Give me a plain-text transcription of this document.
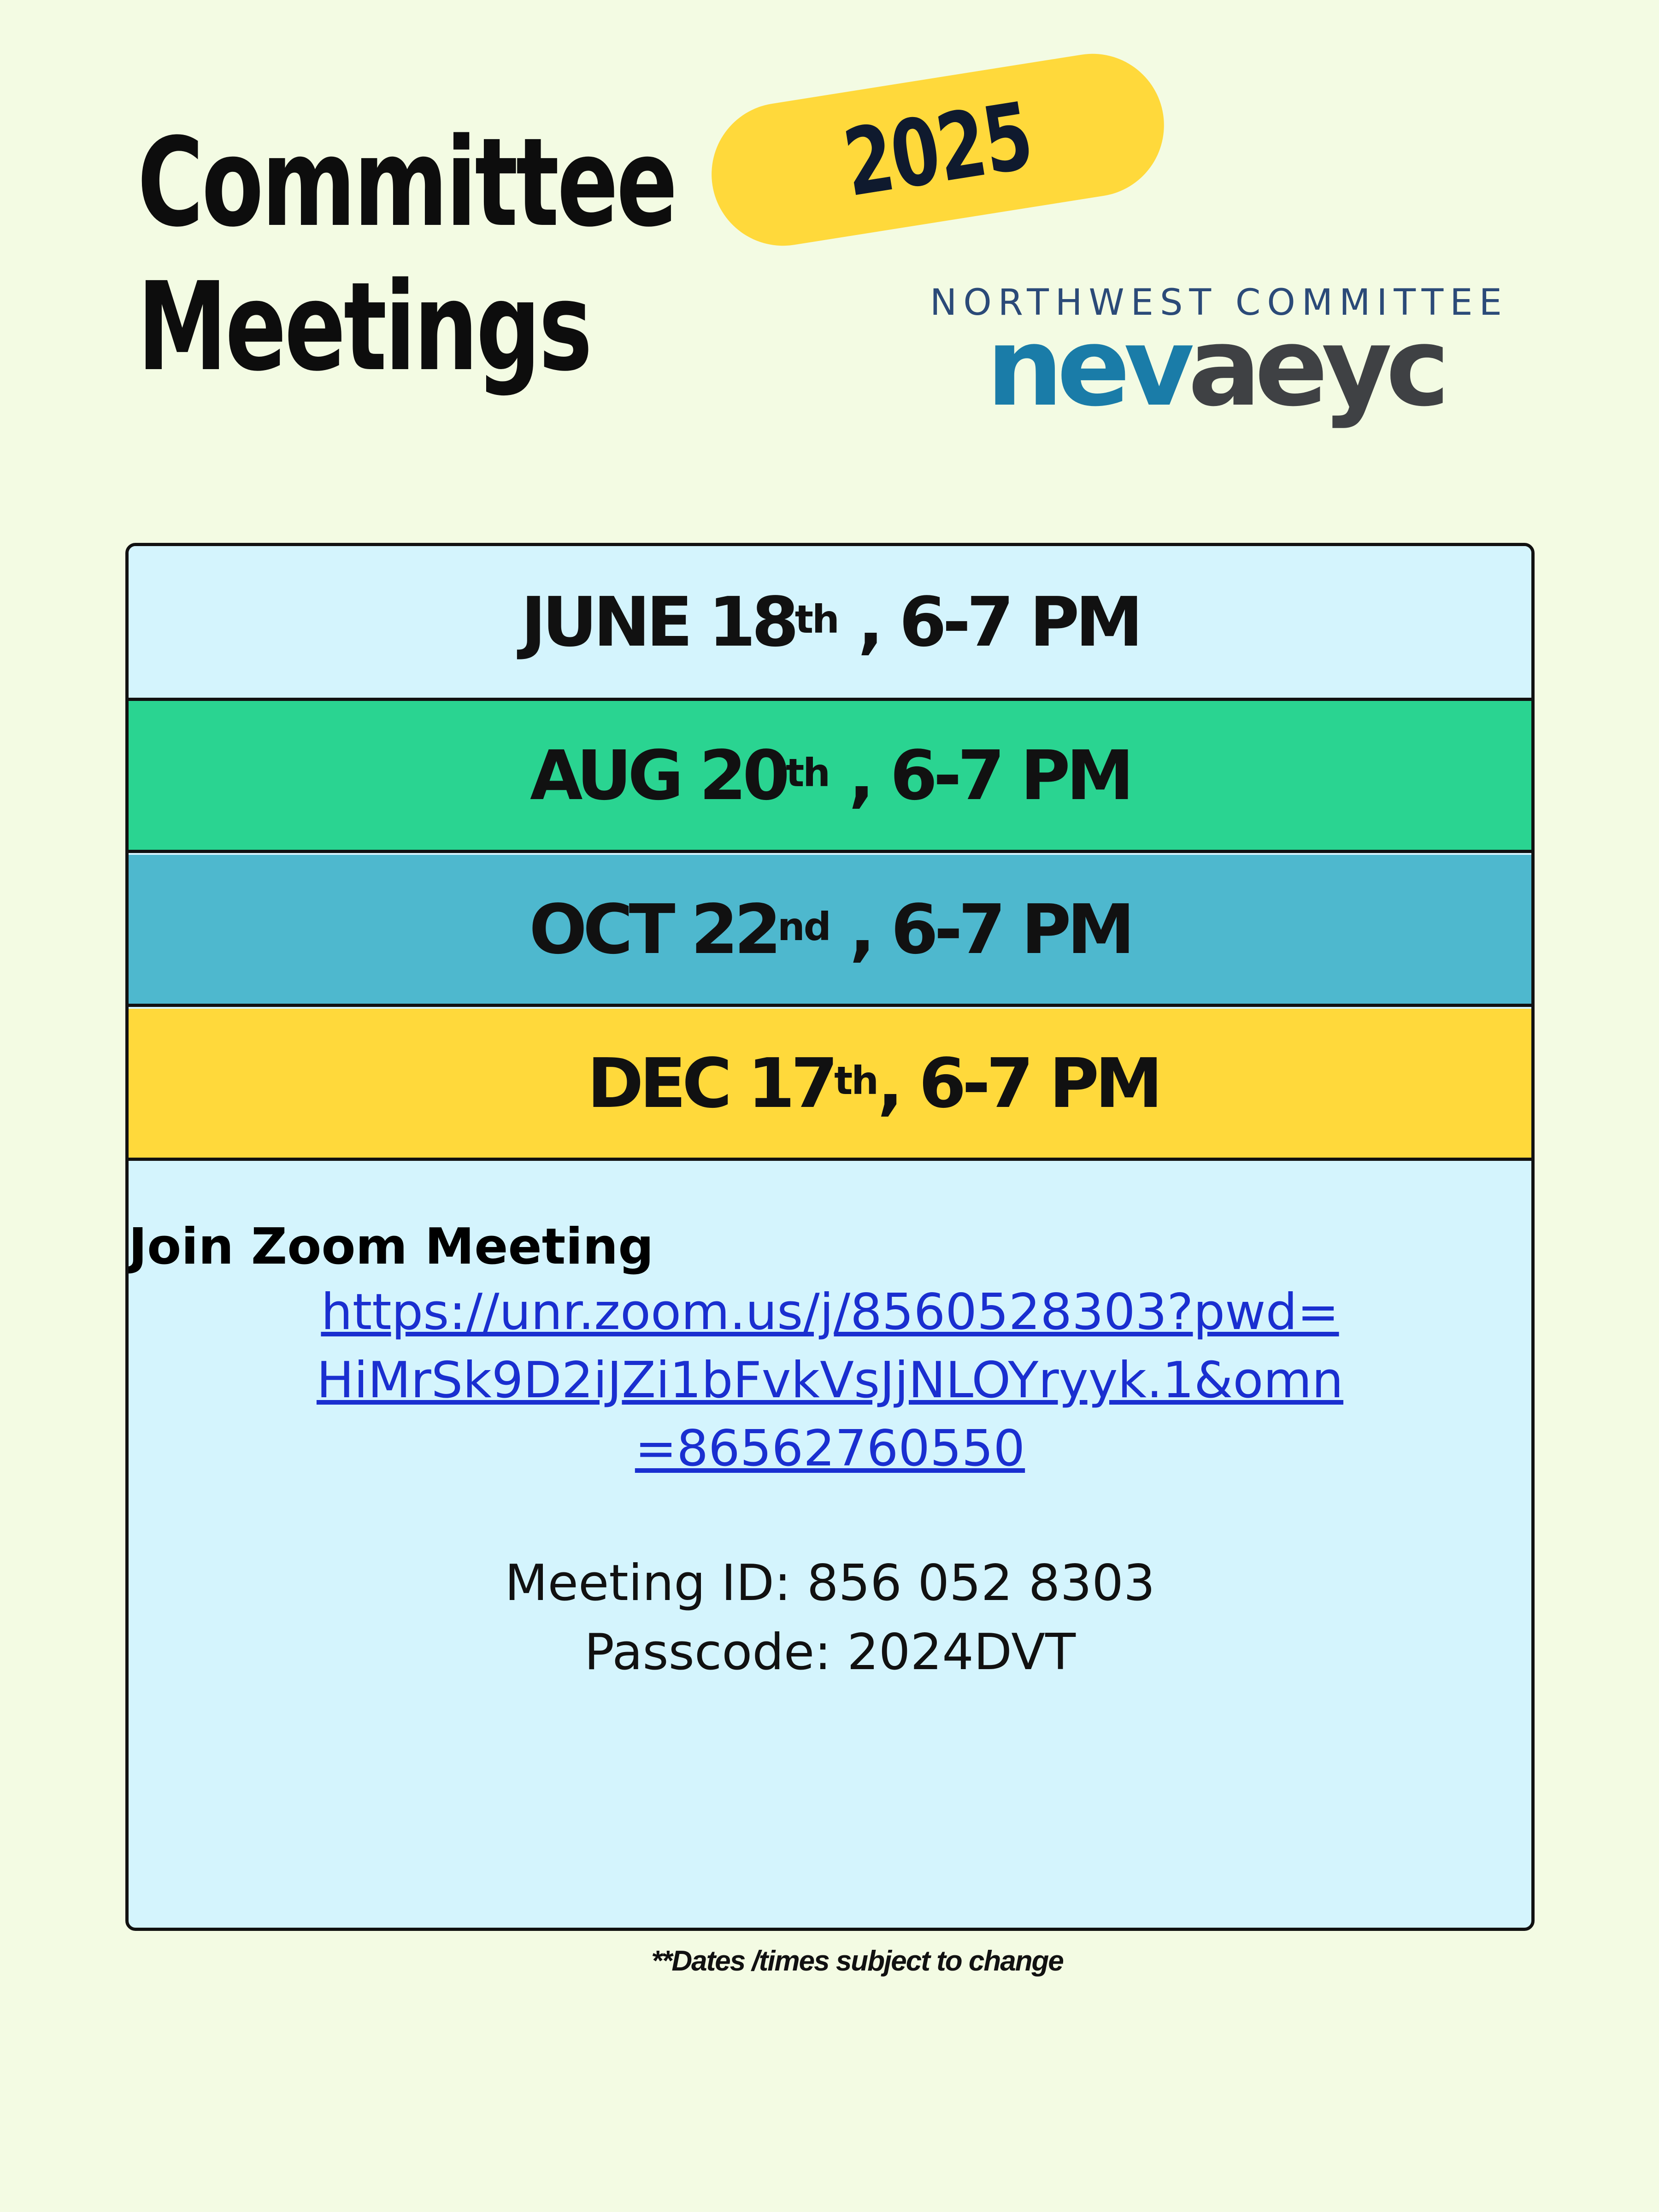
Committee
Meetings
2025
NORTHWEST COMMITTEE
nevaeyc
JUNE 18th , 6-7 PM
AUG 20th , 6-7 PM
OCT 22nd , 6-7 PM
DEC 17th , 6-7 PM
Join Zoom Meeting
https://unr.zoom.us/j/8560528303?pwd=
HiMrSk9D2iJZi1bFvkVsJjNLOYryyk.1&omn
=86562760550
Meeting ID: 856 052 8303
Passcode: 2024DVT
**Dates /times subject to change
